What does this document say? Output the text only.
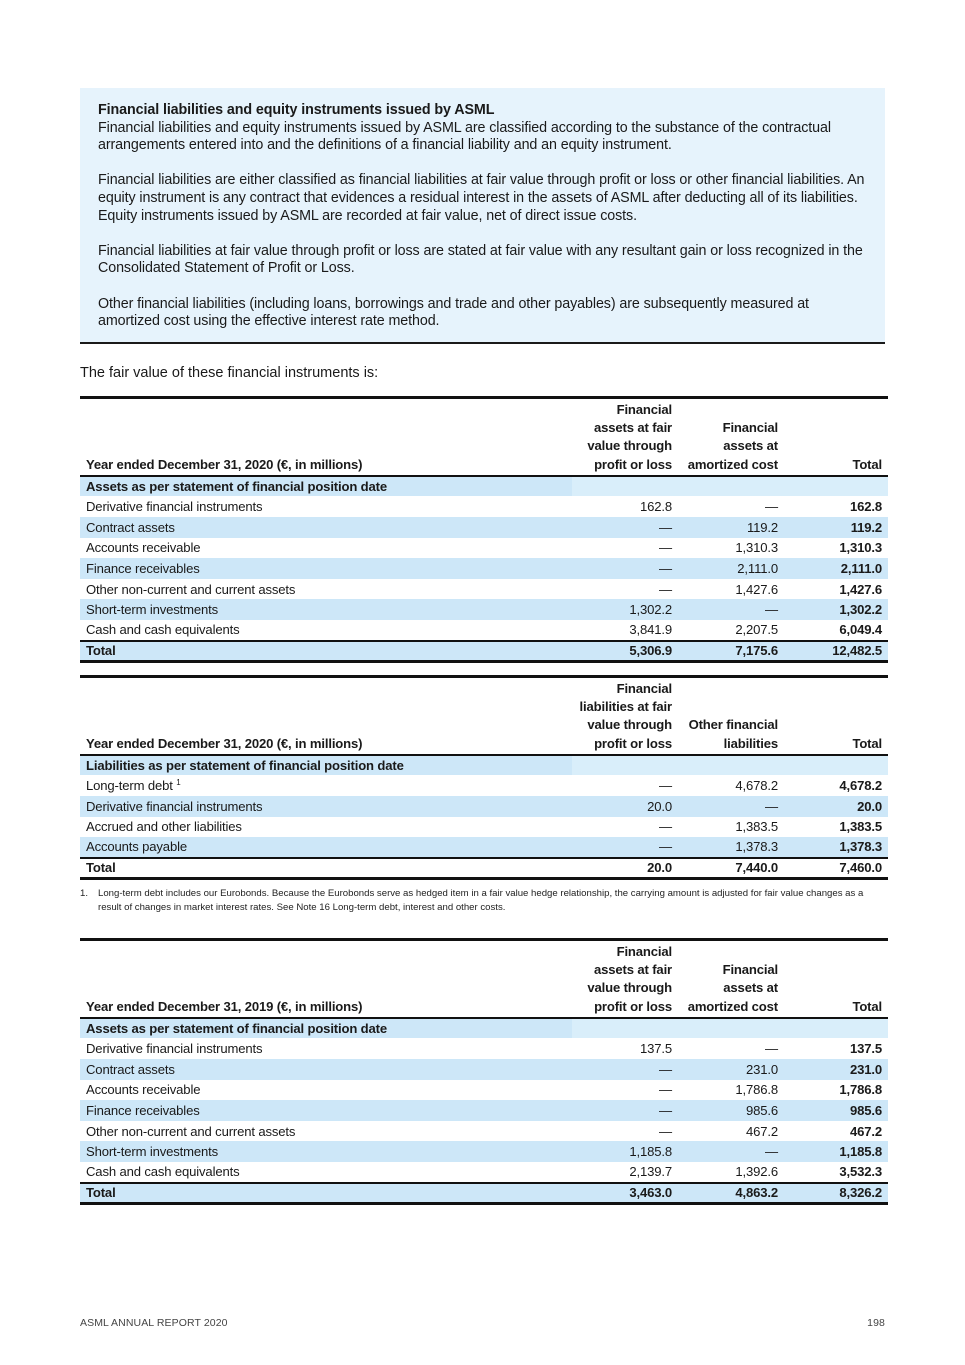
Financial liabilities and equity instruments issued by ASML

Financial liabilities and equity instruments issued by ASML are classified according to the substance of the contractual arrangements entered into and the definitions of a financial liability and an equity instrument.

Financial liabilities are either classified as financial liabilities at fair value through profit or loss or other financial liabilities. An equity instrument is any contract that evidences a residual interest in the assets of ASML after deducting all of its liabilities. Equity instruments issued by ASML are recorded at fair value, net of direct issue costs.

Financial liabilities at fair value through profit or loss are stated at fair value with any resultant gain or loss recognized in the Consolidated Statement of Profit or Loss.

Other financial liabilities (including loans, borrowings and trade and other payables) are subsequently measured at amortized cost using the effective interest rate method.

The fair value of these financial instruments is:
Year ended December 31, 2020 (€, in millions)	Financial assets at fair value through profit or loss	Financial assets at amortized cost	Total
Assets as per statement of financial position date			
Derivative financial instruments	162.8	—	162.8
Contract assets	—	119.2	119.2
Accounts receivable	—	1,310.3	1,310.3
Finance receivables	—	2,111.0	2,111.0
Other non-current and current assets	—	1,427.6	1,427.6
Short-term investments	1,302.2	—	1,302.2
Cash and cash equivalents	3,841.9	2,207.5	6,049.4
Total	5,306.9	7,175.6	12,482.5
Year ended December 31, 2020 (€, in millions)	Financial liabilities at fair value through profit or loss	Other financial liabilities	Total
Liabilities as per statement of financial position date			
Long-term debt $^1$	—	4,678.2	4,678.2
Derivative financial instruments	20.0	—	20.0
Accrued and other liabilities	—	1,383.5	1,383.5
Accounts payable	—	1,378.3	1,378.3
Total	20.0	7,440.0	7,460.0
1.	Long-term debt includes our Eurobonds. Because the Eurobonds serve as hedged item in a fair value hedge relationship, the carrying amount is adjusted for fair value changes as a result of changes in market interest rates. See Note 16 Long-term debt, interest and other costs.
Year ended December 31, 2019 (€, in millions)	Financial assets at fair value through profit or loss	Financial assets at amortized cost	Total
Assets as per statement of financial position date			
Derivative financial instruments	137.5	—	137.5
Contract assets	—	231.0	231.0
Accounts receivable	—	1,786.8	1,786.8
Finance receivables	—	985.6	985.6
Other non-current and current assets	—	467.2	467.2
Short-term investments	1,185.8	—	1,185.8
Cash and cash equivalents	2,139.7	1,392.6	3,532.3
Total	3,463.0	4,863.2	8,326.2
ASML ANNUAL REPORT 2020	198
